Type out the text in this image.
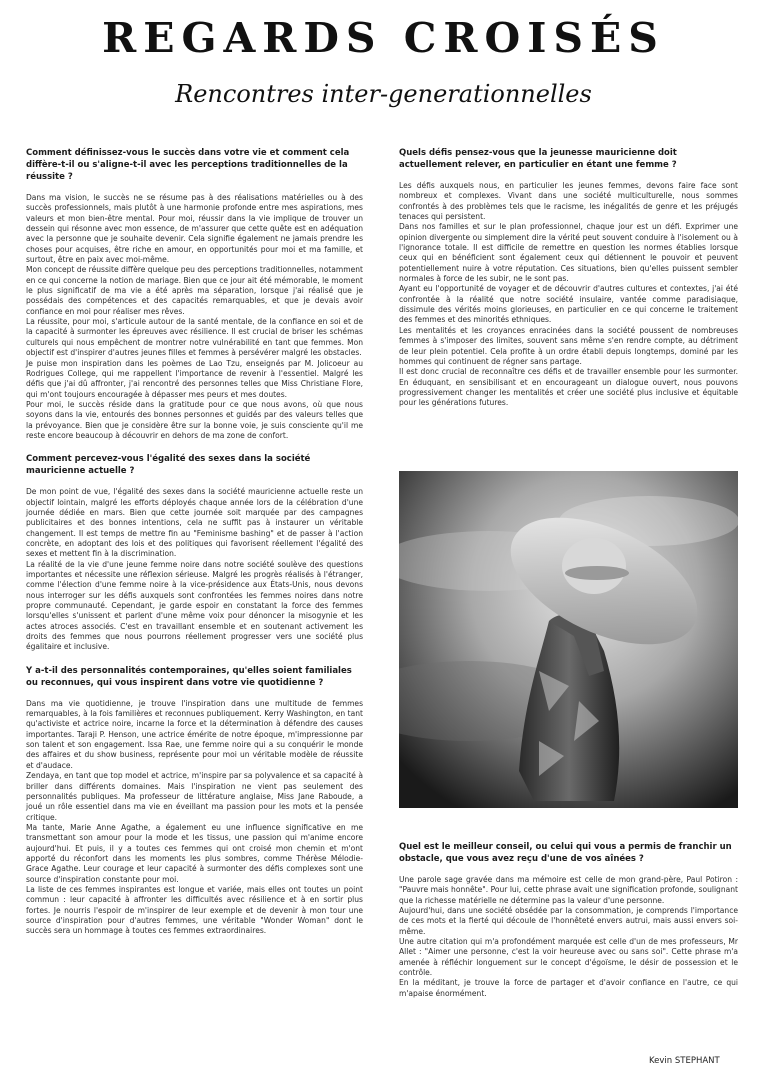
REGARDS CROISÉS
Rencontres inter-generationnelles
Comment définissez-vous le succès dans votre vie et comment cela diffère-t-il ou s'aligne-t-il avec les perceptions traditionnelles de la réussite ?

Dans ma vision, le succès ne se résume pas à des réalisations matérielles ou à des succès professionnels, mais plutôt à une harmonie profonde entre mes aspirations, mes valeurs et mon bien-être mental. Pour moi, réussir dans la vie implique de trouver un dessein qui résonne avec mon essence, de m'assurer que cette quête est en adéquation avec la personne que je souhaite devenir. Cela signifie également ne jamais prendre les choses pour acquises, être riche en amour, en opportunités pour moi et ma famille, et surtout, être en paix avec moi-même.

Mon concept de réussite diffère quelque peu des perceptions traditionnelles, notamment en ce qui concerne la notion de mariage. Bien que ce jour ait été mémorable, le moment le plus significatif de ma vie a été après ma séparation, lorsque j'ai réalisé que je possédais des compétences et des capacités remarquables, et que je devais avoir confiance en moi pour réaliser mes rêves.

La réussite, pour moi, s'articule autour de la santé mentale, de la confiance en soi et de la capacité à surmonter les épreuves avec résilience. Il est crucial de briser les schémas culturels qui nous empêchent de montrer notre vulnérabilité en tant que femmes. Mon objectif est d'inspirer d'autres jeunes filles et femmes à persévérer malgré les obstacles.

Je puise mon inspiration dans les poèmes de Lao Tzu, enseignés par M. Jolicoeur au Rodrigues College, qui me rappellent l'importance de revenir à l'essentiel. Malgré les défis que j'ai dû affronter, j'ai rencontré des personnes telles que Miss Christiane Flore, qui m'ont toujours encouragée à dépasser mes peurs et mes doutes.

Pour moi, le succès réside dans la gratitude pour ce que nous avons, où que nous soyons dans la vie, entourés des bonnes personnes et guidés par des valeurs telles que la prévoyance. Bien que je considère être sur la bonne voie, je suis consciente qu'il me reste encore beaucoup à découvrir en dehors de ma zone de confort.

Comment percevez-vous l'égalité des sexes dans la société mauricienne actuelle ?

De mon point de vue, l'égalité des sexes dans la société mauricienne actuelle reste un objectif lointain, malgré les efforts déployés chaque année lors de la célébration d'une journée dédiée en mars. Bien que cette journée soit marquée par des campagnes publicitaires et des bonnes intentions, cela ne suffit pas à instaurer un véritable changement. Il est temps de mettre fin au "Feminisme bashing" et de passer à l'action concrète, en adoptant des lois et des politiques qui favorisent réellement l'égalité des sexes et mettent fin à la discrimination.

La réalité de la vie d'une jeune femme noire dans notre société soulève des questions importantes et nécessite une réflexion sérieuse. Malgré les progrès réalisés à l'étranger, comme l'élection d'une femme noire à la vice-présidence aux États-Unis, nous devons nous interroger sur les défis auxquels sont confrontées les femmes noires dans notre propre communauté. Cependant, je garde espoir en constatant la force des femmes lorsqu'elles s'unissent et parlent d'une même voix pour dénoncer la misogynie et les actes atroces associés. C'est en travaillant ensemble et en soutenant activement les droits des femmes que nous pourrons réellement progresser vers une société plus égalitaire et inclusive.

Y a-t-il des personnalités contemporaines, qu'elles soient familiales ou reconnues, qui vous inspirent dans votre vie quotidienne ?

Dans ma vie quotidienne, je trouve l'inspiration dans une multitude de femmes remarquables, à la fois familières et reconnues publiquement. Kerry Washington, en tant qu'activiste et actrice noire, incarne la force et la détermination à défendre des causes importantes. Taraji P. Henson, une actrice émérite de notre époque, m'impressionne par son talent et son engagement. Issa Rae, une femme noire qui a su conquérir le monde des affaires et du show business, représente pour moi un véritable modèle de réussite et d'audace.

Zendaya, en tant que top model et actrice, m'inspire par sa polyvalence et sa capacité à briller dans différents domaines. Mais l'inspiration ne vient pas seulement des personnalités publiques. Ma professeur de littérature anglaise, Miss Jane Raboude, a joué un rôle essentiel dans ma vie en éveillant ma passion pour les mots et la pensée critique.

Ma tante, Marie Anne Agathe, a également eu une influence significative en me transmettant son amour pour la mode et les tissus, une passion qui m'anime encore aujourd'hui. Et puis, il y a toutes ces femmes qui ont croisé mon chemin et m'ont apporté du réconfort dans les moments les plus sombres, comme Thérèse Mélodie-Grace Agathe. Leur courage et leur capacité à surmonter des défis complexes sont une source d'inspiration constante pour moi.

La liste de ces femmes inspirantes est longue et variée, mais elles ont toutes un point commun : leur capacité à affronter les difficultés avec résilience et à en sortir plus fortes. Je nourris l'espoir de m'inspirer de leur exemple et de devenir à mon tour une source d'inspiration pour d'autres femmes, une véritable "Wonder Woman" dont le succès sera un hommage à toutes ces femmes extraordinaires.

Quels défis pensez-vous que la jeunesse mauricienne doit actuellement relever, en particulier en étant une femme ?

Les défis auxquels nous, en particulier les jeunes femmes, devons faire face sont nombreux et complexes. Vivant dans une société multiculturelle, nous sommes confrontés à des problèmes tels que le racisme, les inégalités de genre et les préjugés tenaces qui persistent.

Dans nos familles et sur le plan professionnel, chaque jour est un défi. Exprimer une opinion divergente ou simplement dire la vérité peut souvent conduire à l'isolement ou à l'ignorance totale. Il est difficile de remettre en question les normes établies lorsque ceux qui en bénéficient sont également ceux qui détiennent le pouvoir et peuvent potentiellement nuire à votre réputation. Ces situations, bien qu'elles puissent sembler normales à force de les subir, ne le sont pas.

Ayant eu l'opportunité de voyager et de découvrir d'autres cultures et contextes, j'ai été confrontée à la réalité que notre société insulaire, vantée comme paradisiaque, dissimule des vérités moins glorieuses, en particulier en ce qui concerne le traitement des femmes et des minorités ethniques.

Les mentalités et les croyances enracinées dans la société poussent de nombreuses femmes à s'imposer des limites, souvent sans même s'en rendre compte, au détriment de leur plein potentiel. Cela profite à un ordre établi depuis longtemps, dominé par les hommes qui continuent de régner sans partage.

Il est donc crucial de reconnaître ces défis et de travailler ensemble pour les surmonter. En éduquant, en sensibilisant et en encourageant un dialogue ouvert, nous pouvons progressivement changer les mentalités et créer une société plus inclusive et équitable pour les générations futures.

Quel est le meilleur conseil, ou celui qui vous a permis de franchir un obstacle, que vous avez reçu d'une de vos aînées ?

Une parole sage gravée dans ma mémoire est celle de mon grand-père, Paul Potiron : "Pauvre mais honnête". Pour lui, cette phrase avait une signification profonde, soulignant que la richesse matérielle ne détermine pas la valeur d'une personne.

Aujourd'hui, dans une société obsédée par la consommation, je comprends l'importance de ces mots et la fierté qui découle de l'honnêteté envers autrui, mais aussi envers soi-même.

Une autre citation qui m'a profondément marquée est celle d'un de mes professeurs, Mr Allet : "Aimer une personne, c'est la voir heureuse avec ou sans soi". Cette phrase m'a amenée à réfléchir longuement sur le concept d'égoïsme, le désir de possession et le contrôle.

En la méditant, je trouve la force de partager et d'avoir confiance en l'autre, ce qui m'apaise énormément.

Kevin STEPHANT
